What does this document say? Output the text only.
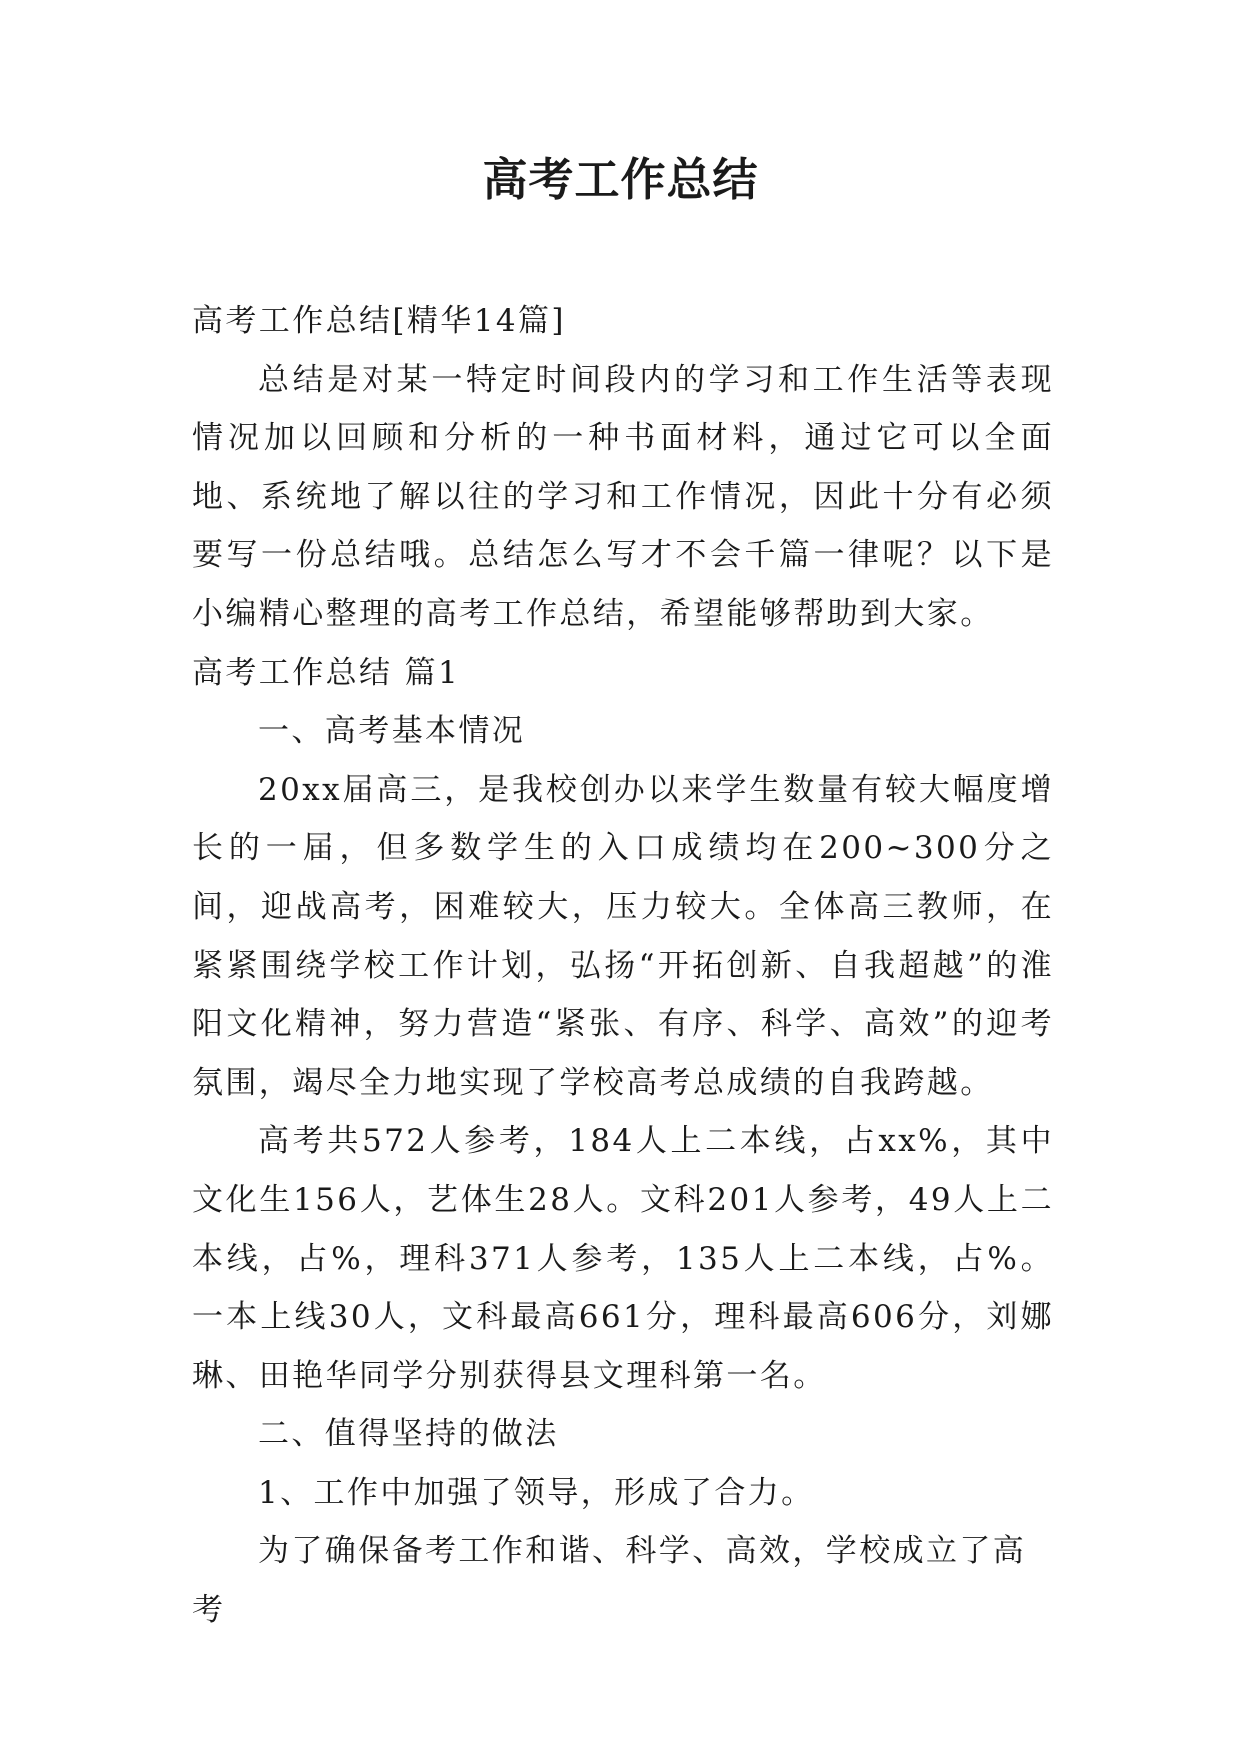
高考工作总结

高考工作总结[精华14篇]

总结是对某一特定时间段内的学习和工作生活等表现情况加以回顾和分析的一种书面材料，通过它可以全面地、系统地了解以往的学习和工作情况，因此十分有必须要写一份总结哦。总结怎么写才不会千篇一律呢？以下是小编精心整理的高考工作总结，希望能够帮助到大家。

高考工作总结 篇1

一、高考基本情况

20xx届高三，是我校创办以来学生数量有较大幅度增长的一届，但多数学生的入口成绩均在200~300分之间，迎战高考，困难较大，压力较大。全体高三教师，在紧紧围绕学校工作计划，弘扬“开拓创新、自我超越”的淮阳文化精神，努力营造“紧张、有序、科学、高效”的迎考氛围，竭尽全力地实现了学校高考总成绩的自我跨越。

高考共572人参考，184人上二本线，占xx%，其中文化生156人，艺体生28人。文科201人参考，49人上二本线，占%，理科371人参考，135人上二本线，占%。一本上线30人，文科最高661分，理科最高606分，刘娜琳、田艳华同学分别获得县文理科第一名。

二、值得坚持的做法

1、工作中加强了领导，形成了合力。

为了确保备考工作和谐、科学、高效，学校成立了高考
